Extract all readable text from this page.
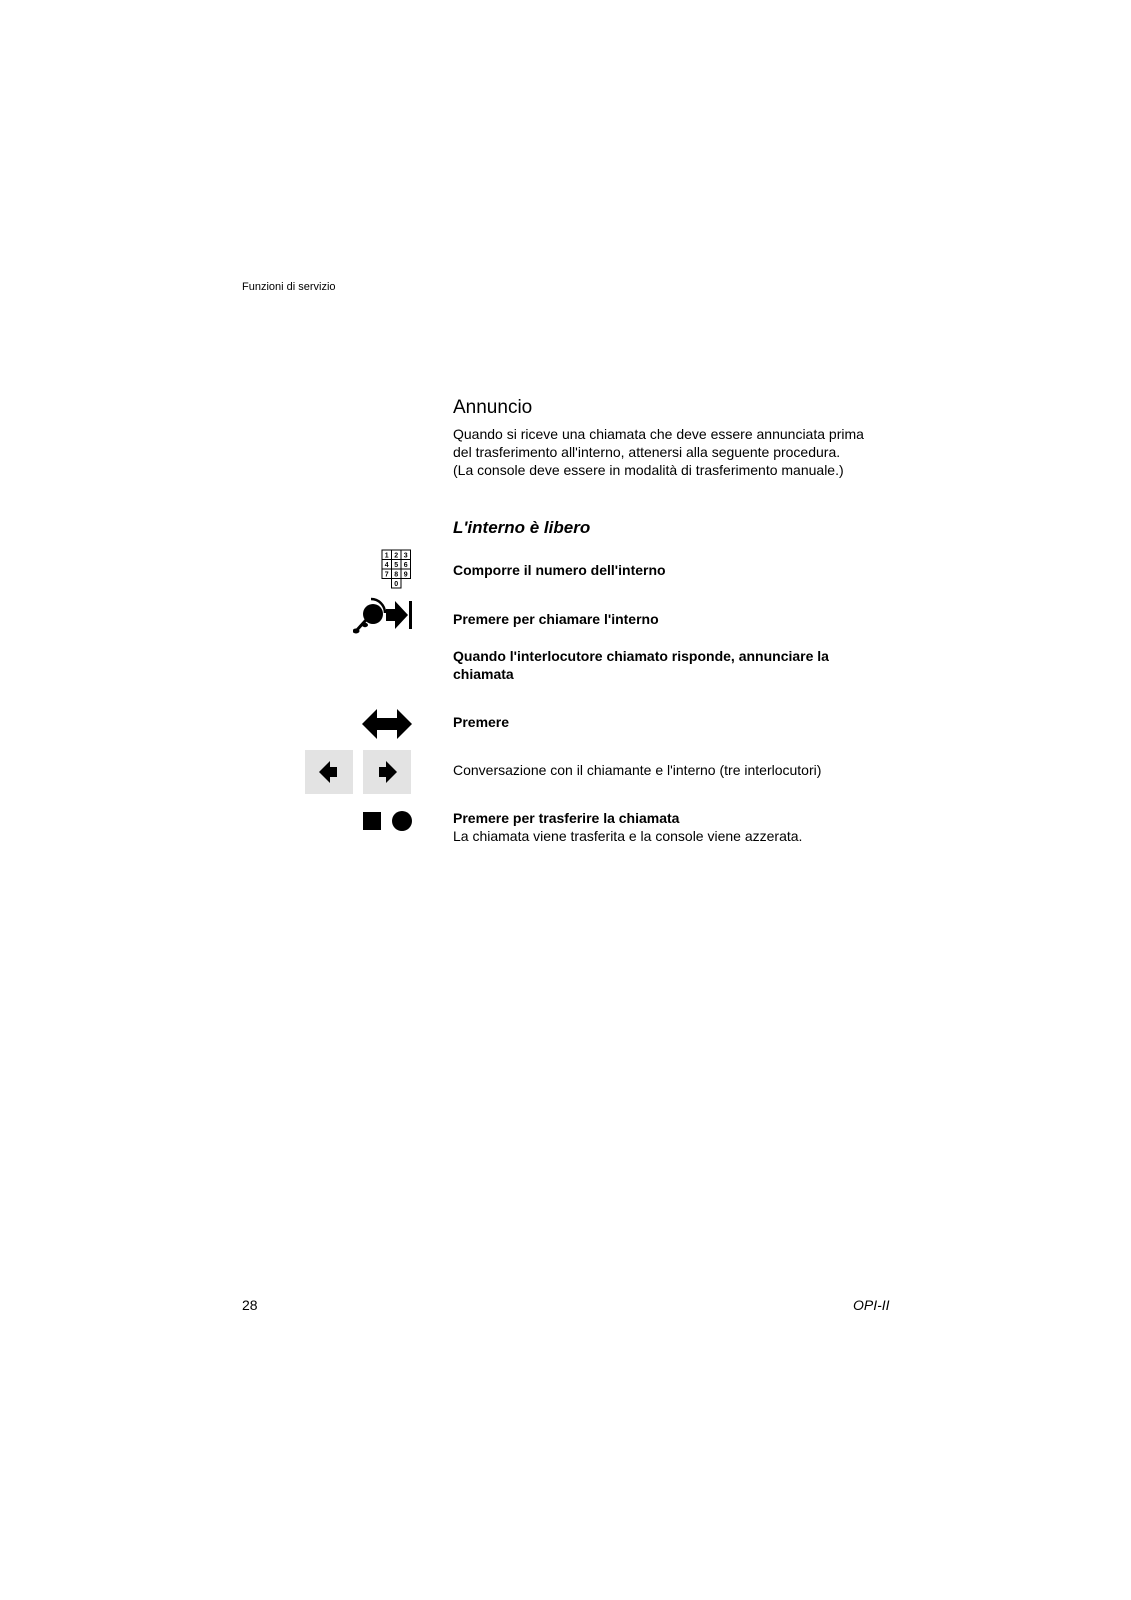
Funzioni di servizio
Annuncio
Quando si riceve una chiamata che deve essere annunciata prima
del trasferimento all'interno, attenersi alla seguente procedura.
(La console deve essere in modalità di trasferimento manuale.)
L'interno è libero
1 2 3
4 5 6
7 8 9
0
Comporre il numero dell'interno
Premere per chiamare l'interno
Quando l'interlocutore chiamato risponde, annunciare la chiamata
Premere
Conversazione con il chiamante e l'interno (tre interlocutori)
Premere per trasferire la chiamata
La chiamata viene trasferita e la console viene azzerata.
28	OPI-II
